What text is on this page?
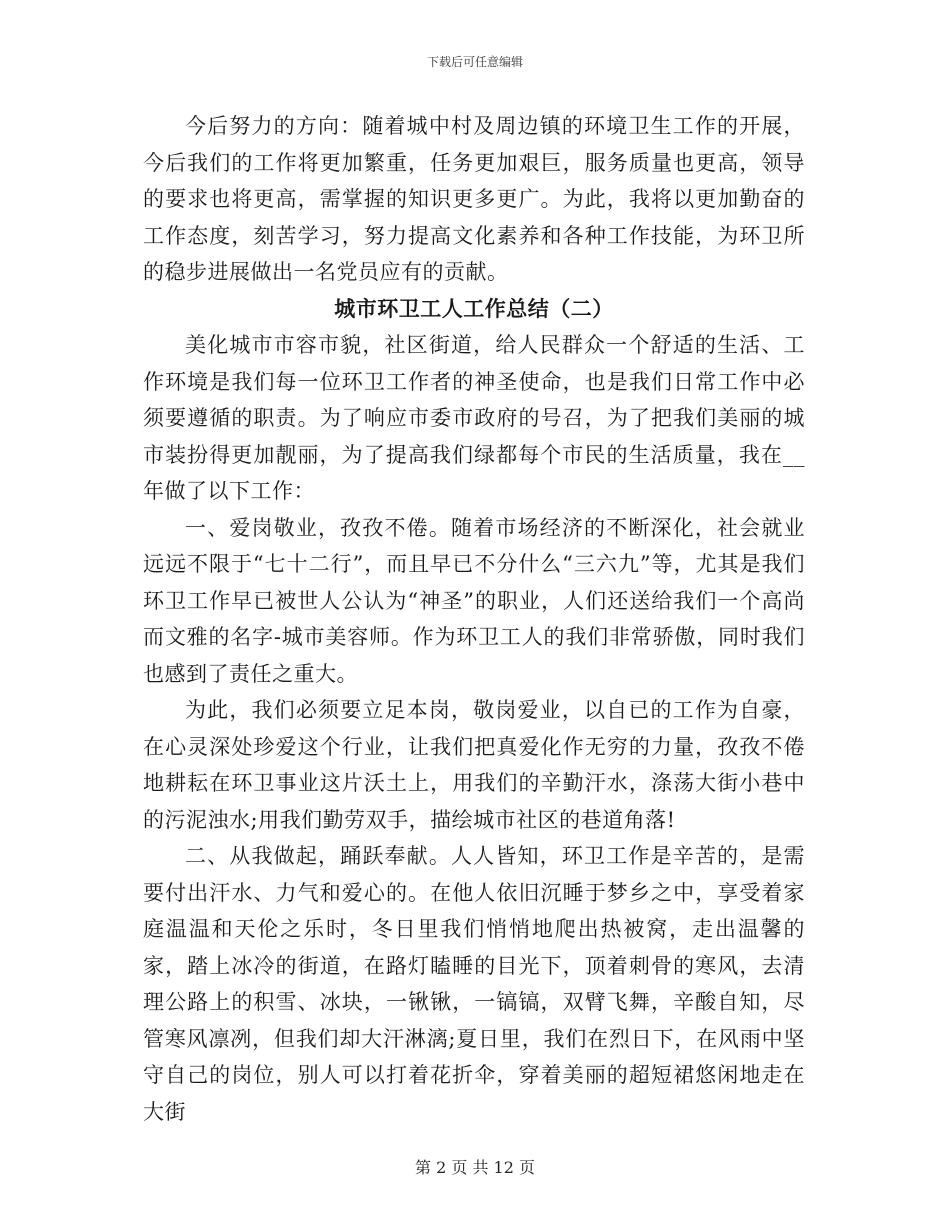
下载后可任意编辑

今后努力的方向：随着城中村及周边镇的环境卫生工作的开展，今后我们的工作将更加繁重，任务更加艰巨，服务质量也更高，领导的要求也将更高，需掌握的知识更多更广。为此，我将以更加勤奋的工作态度，刻苦学习，努力提高文化素养和各种工作技能，为环卫所的稳步进展做出一名党员应有的贡献。

城市环卫工人工作总结（二）

美化城市市容市貌，社区街道，给人民群众一个舒适的生活、工作环境是我们每一位环卫工作者的神圣使命，也是我们日常工作中必须要遵循的职责。为了响应市委市政府的号召，为了把我们美丽的城市装扮得更加靓丽，为了提高我们绿都每个市民的生活质量，我在__年做了以下工作：

一、爱岗敬业，孜孜不倦。随着市场经济的不断深化，社会就业远远不限于“七十二行”，而且早已不分什么“三六九”等，尤其是我们环卫工作早已被世人公认为“神圣”的职业，人们还送给我们一个高尚而文雅的名字-城市美容师。作为环卫工人的我们非常骄傲，同时我们也感到了责任之重大。

为此，我们必须要立足本岗，敬岗爱业，以自已的工作为自豪，在心灵深处珍爱这个行业，让我们把真爱化作无穷的力量，孜孜不倦地耕耘在环卫事业这片沃土上，用我们的辛勤汗水，涤荡大街小巷中的污泥浊水;用我们勤劳双手，描绘城市社区的巷道角落!

二、从我做起，踊跃奉献。人人皆知，环卫工作是辛苦的，是需要付出汗水、力气和爱心的。在他人依旧沉睡于梦乡之中，享受着家庭温温和天伦之乐时，冬日里我们悄悄地爬出热被窝，走出温馨的家，踏上冰冷的街道，在路灯瞌睡的目光下，顶着刺骨的寒风，去清理公路上的积雪、冰块，一锹锹，一镐镐，双臂飞舞，辛酸自知，尽管寒风凛冽，但我们却大汗淋漓;夏日里，我们在烈日下，在风雨中坚守自己的岗位，别人可以打着花折伞，穿着美丽的超短裙悠闲地走在大街

第 2 页 共 12 页
